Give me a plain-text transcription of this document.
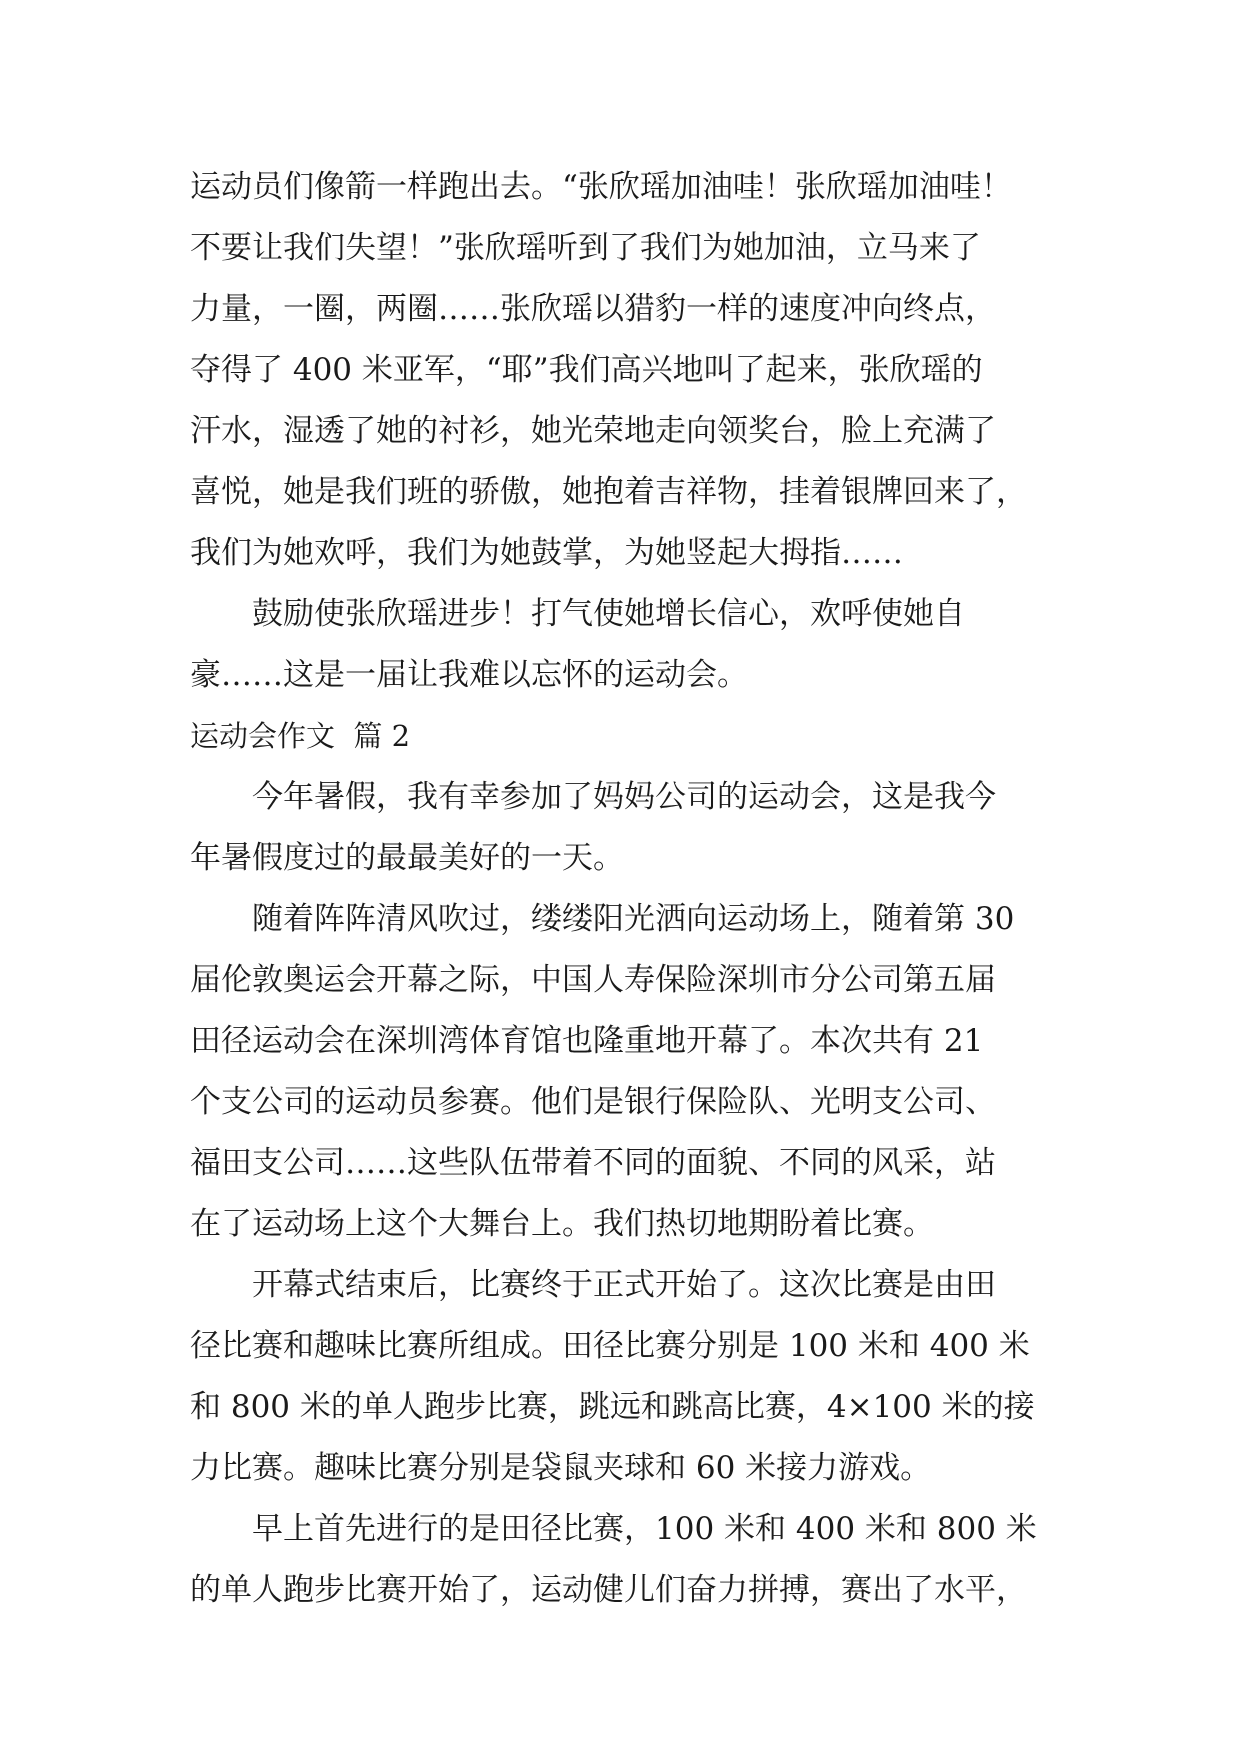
运动员们像箭一样跑出去。“张欣瑶加油哇！张欣瑶加油哇！
不要让我们失望！”张欣瑶听到了我们为她加油，立马来了
力量，一圈，两圈……张欣瑶以猎豹一样的速度冲向终点，
夺得了 400 米亚军，“耶”我们高兴地叫了起来，张欣瑶的
汗水，湿透了她的衬衫，她光荣地走向领奖台，脸上充满了
喜悦，她是我们班的骄傲，她抱着吉祥物，挂着银牌回来了，
我们为她欢呼，我们为她鼓掌，为她竖起大拇指……

鼓励使张欣瑶进步！打气使她增长信心，欢呼使她自
豪……这是一届让我难以忘怀的运动会。

运动会作文  篇 2

今年暑假，我有幸参加了妈妈公司的运动会，这是我今
年暑假度过的最最美好的一天。

随着阵阵清风吹过，缕缕阳光洒向运动场上，随着第 30
届伦敦奥运会开幕之际，中国人寿保险深圳市分公司第五届
田径运动会在深圳湾体育馆也隆重地开幕了。本次共有 21
个支公司的运动员参赛。他们是银行保险队、光明支公司、
福田支公司……这些队伍带着不同的面貌、不同的风采，站
在了运动场上这个大舞台上。我们热切地期盼着比赛。

开幕式结束后，比赛终于正式开始了。这次比赛是由田
径比赛和趣味比赛所组成。田径比赛分别是 100 米和 400 米
和 800 米的单人跑步比赛，跳远和跳高比赛，4×100 米的接
力比赛。趣味比赛分别是袋鼠夹球和 60 米接力游戏。

早上首先进行的是田径比赛，100 米和 400 米和 800 米
的单人跑步比赛开始了，运动健儿们奋力拼搏，赛出了水平，
